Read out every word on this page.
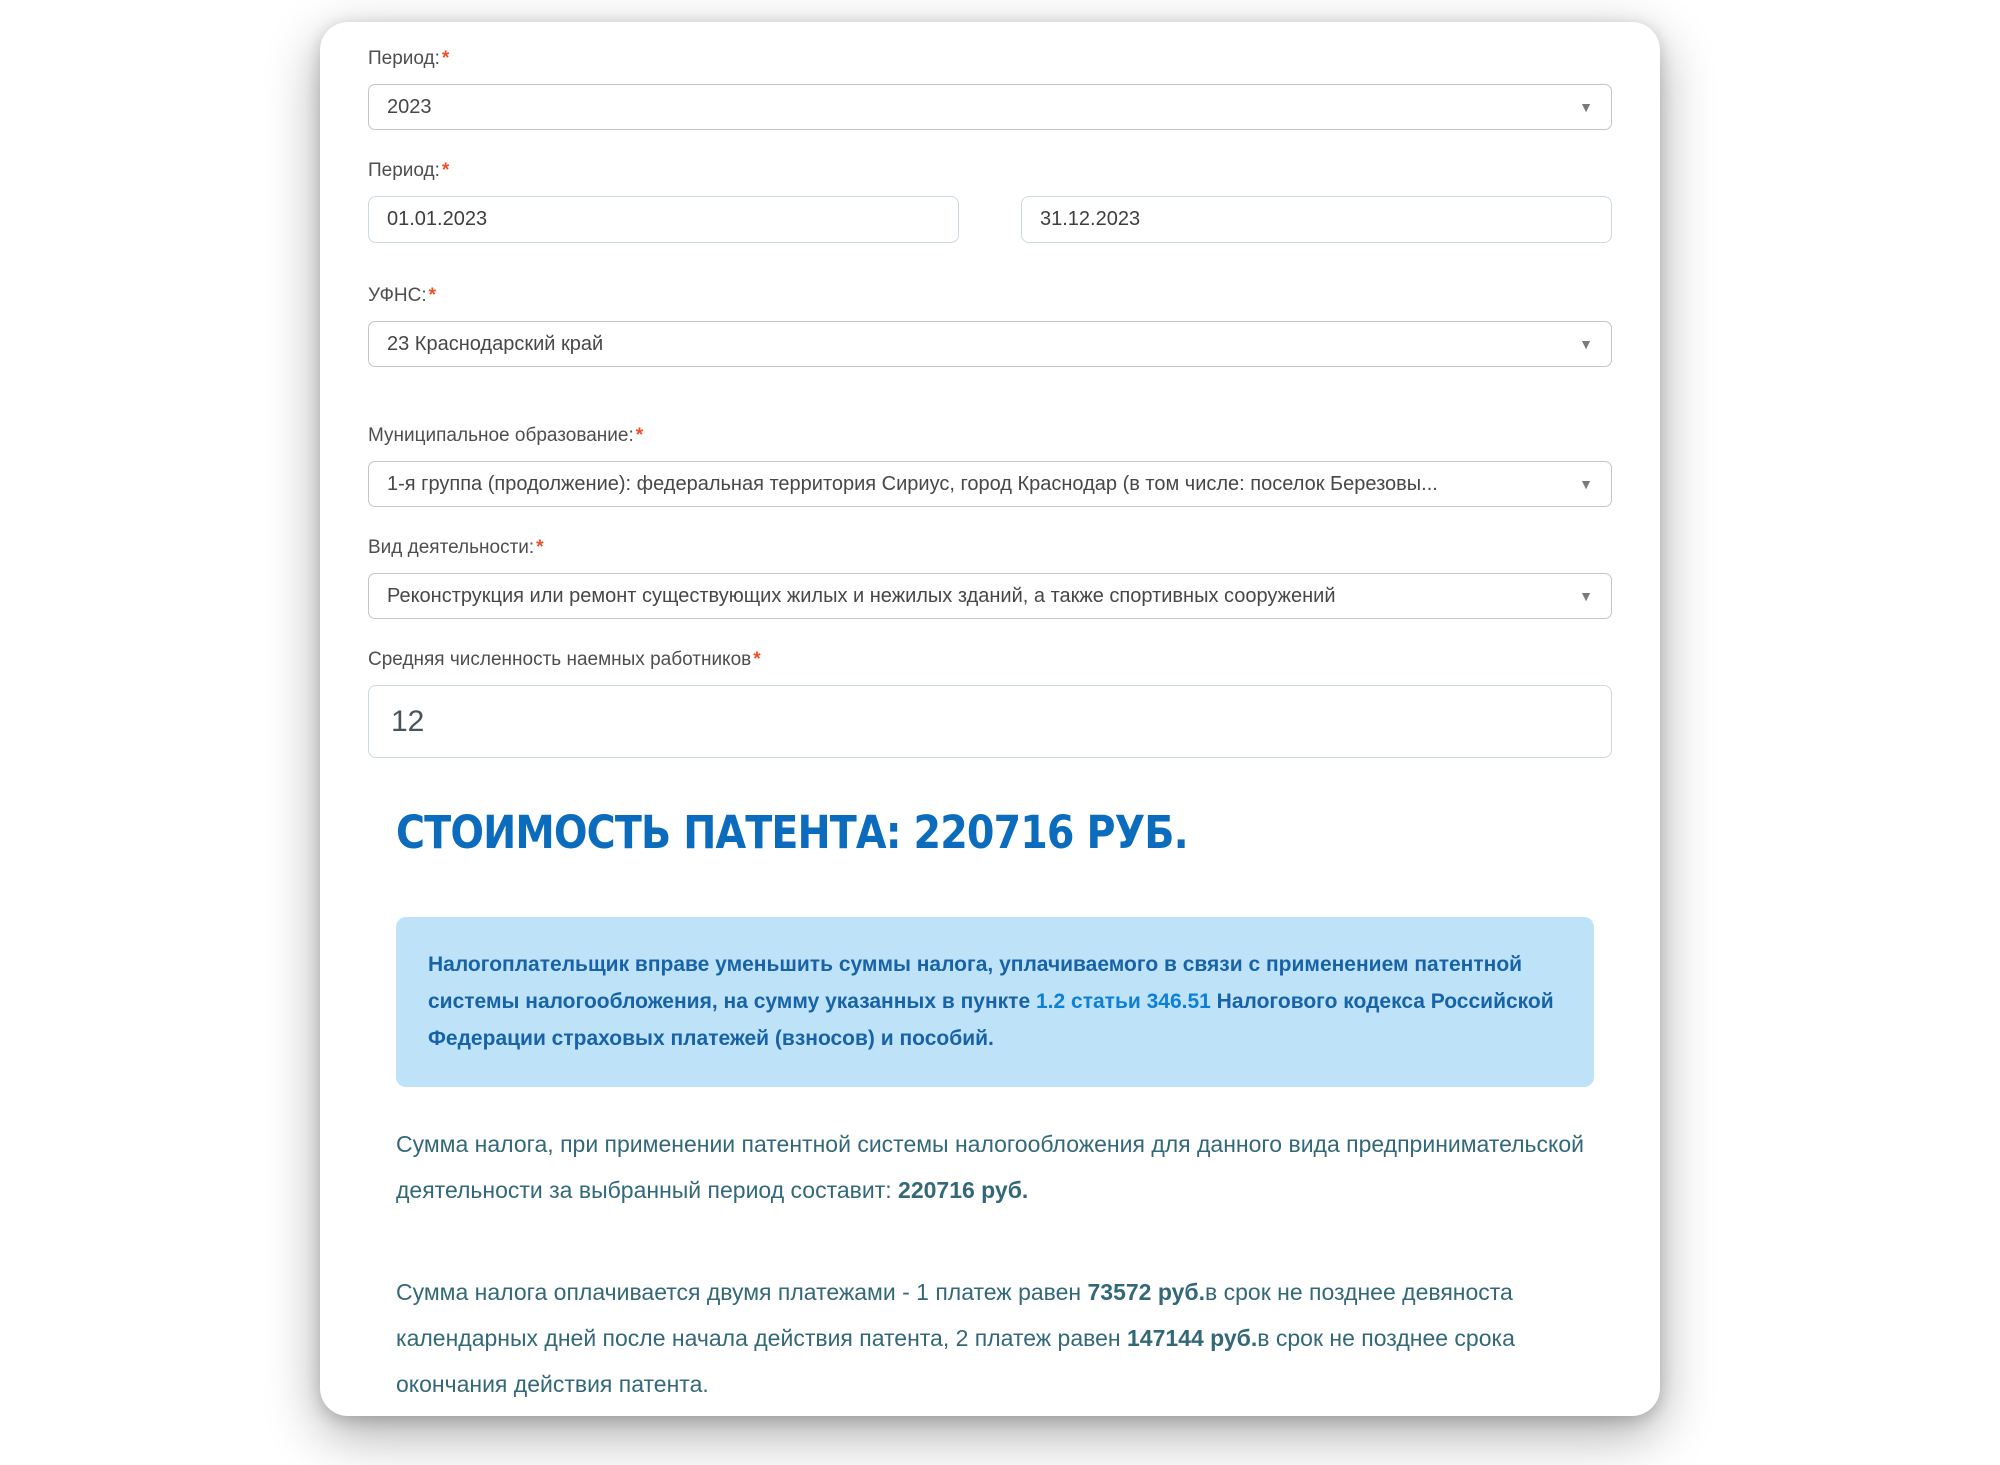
Период: *
2023	▼
Период: *
01.01.2023
31.12.2023
УФНС: *
23 Краснодарский край	▼
Муниципальное образование: *
1-я группа (продолжение): федеральная территория Сириус, город Краснодар (в том числе: поселок Березовы...	▼
Вид деятельности: *
Реконструкция или ремонт существующих жилых и нежилых зданий, а также спортивных сооружений	▼
Средняя численность наемных работников *
12
СТОИМОСТЬ ПАТЕНТА: 220716 РУБ.
Налогоплательщик вправе уменьшить суммы налога, уплачиваемого в связи с применением патентной системы налогообложения, на сумму указанных в пункте 1.2 статьи 346.51 Налогового кодекса Российской Федерации страховых платежей (взносов) и пособий.

Сумма налога, при применении патентной системы налогообложения для данного вида предпринимательской деятельности за выбранный период составит: 220716 руб.

Сумма налога оплачивается двумя платежами - 1 платеж равен 73572 руб.в срок не позднее девяноста календарных дней после начала действия патента, 2 платеж равен 147144 руб.в срок не позднее срока окончания действия патента.
